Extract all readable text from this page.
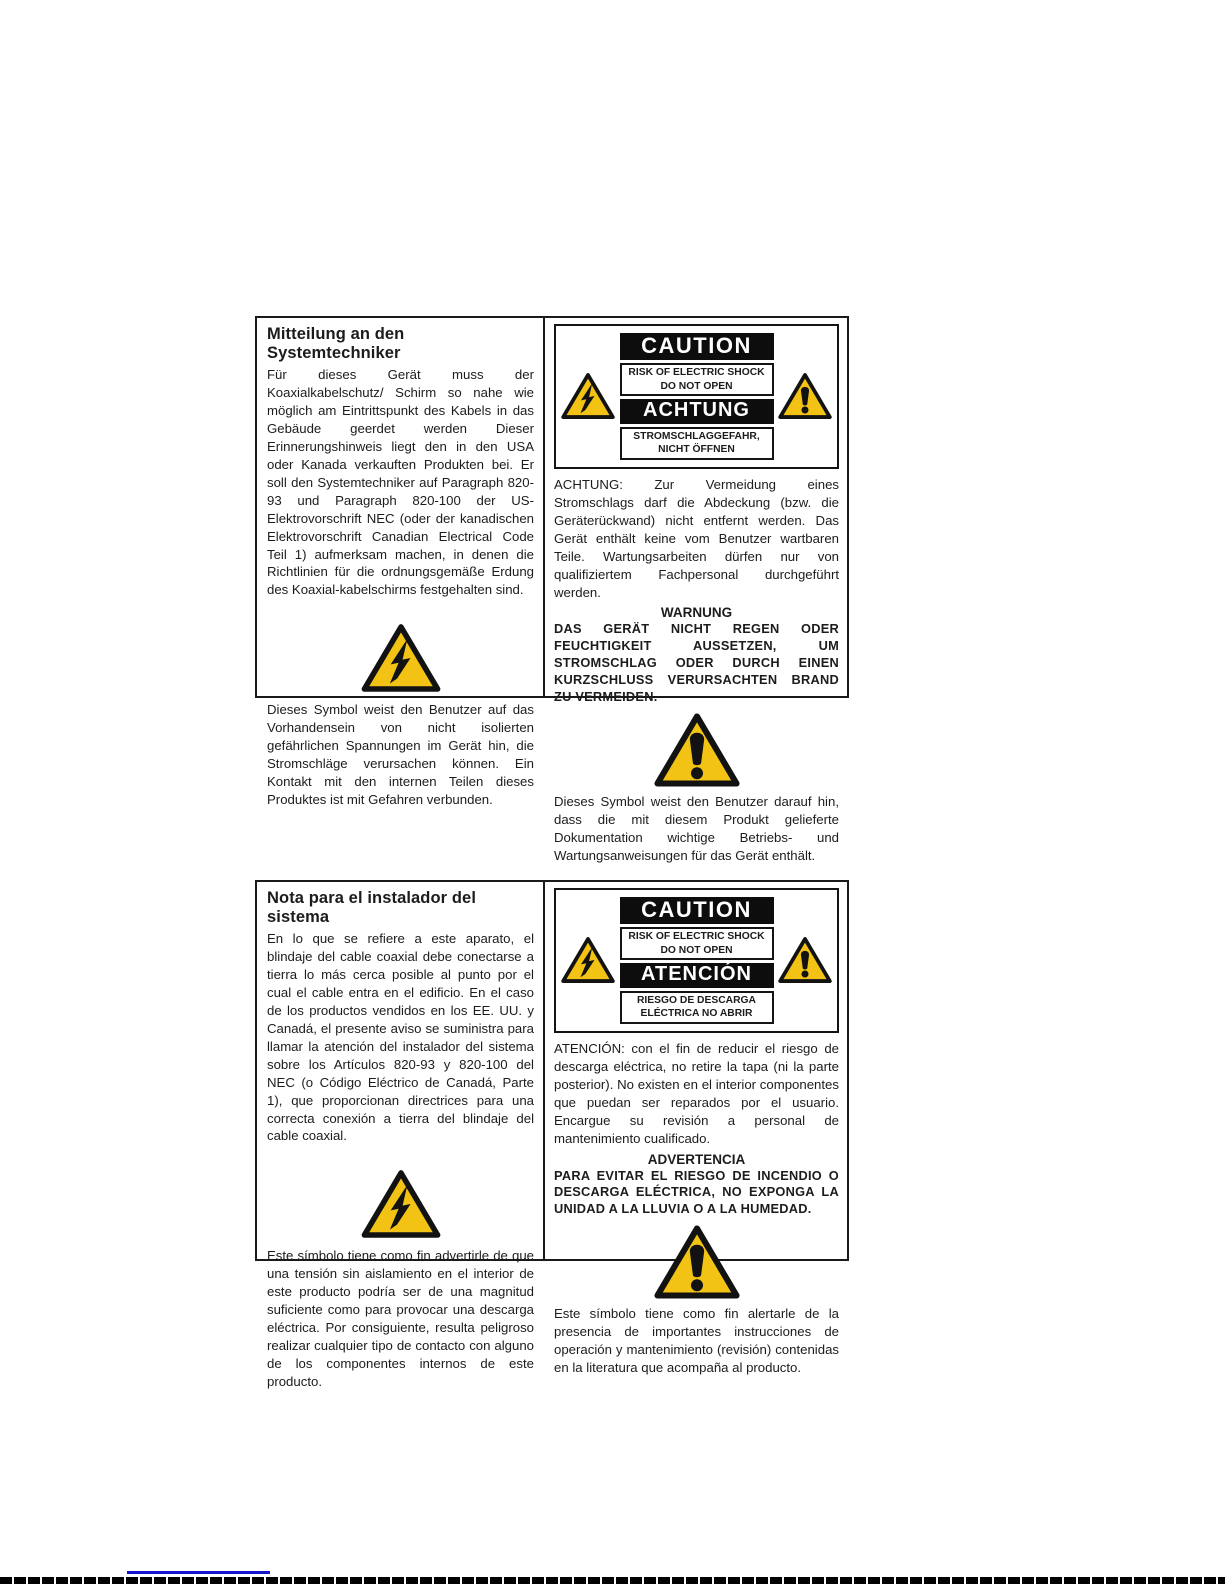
Mitteilung an den Systemtechniker

Für dieses Gerät muss der Koaxialkabelschutz/ Schirm so nahe wie möglich am Eintrittspunkt des Kabels in das Gebäude geerdet werden Dieser Erinnerungshinweis liegt den in den USA oder Kanada verkauften Produkten bei. Er soll den Systemtechniker auf Paragraph 820-93 und Paragraph 820-100 der US-Elektrovorschrift NEC (oder der kanadischen Elektrovorschrift Canadian Electrical Code Teil 1) aufmerksam machen, in denen die Richtlinien für die ordnungsgemäße Erdung des Koaxial-kabelschirms festgehalten sind.

Dieses Symbol weist den Benutzer auf das Vorhandensein von nicht isolierten gefährlichen Spannungen im Gerät hin, die Stromschläge verursachen können. Ein Kontakt mit den internen Teilen dieses Produktes ist mit Gefahren verbunden.

CAUTION
RISK OF ELECTRIC SHOCK
DO NOT OPEN
ACHTUNG
STROMSCHLAGGEFAHR,
NICHT ÖFFNEN

ACHTUNG: Zur Vermeidung eines Stromschlags darf die Abdeckung (bzw. die Geräterückwand) nicht entfernt werden. Das Gerät enthält keine vom Benutzer wartbaren Teile. Wartungsarbeiten dürfen nur von qualifiziertem Fachpersonal durchgeführt werden.

WARNUNG

DAS GERÄT NICHT REGEN ODER FEUCHTIGKEIT AUSSETZEN, UM STROMSCHLAG ODER DURCH EINEN KURZSCHLUSS VERURSACHTEN BRAND ZU VERMEIDEN.

Dieses Symbol weist den Benutzer darauf hin, dass die mit diesem Produkt gelieferte Dokumentation wichtige Betriebs- und Wartungsanweisungen für das Gerät enthält.

Nota para el instalador del sistema

En lo que se refiere a este aparato, el blindaje del cable coaxial debe conectarse a tierra lo más cerca posible al punto por el cual el cable entra en el edificio. En el caso de los productos vendidos en los EE. UU. y Canadá, el presente aviso se suministra para llamar la atención del instalador del sistema sobre los Artículos 820-93 y 820-100 del NEC (o Código Eléctrico de Canadá, Parte 1), que proporcionan directrices para una correcta conexión a tierra del blindaje del cable coaxial.

Este símbolo tiene como fin advertirle de que una tensión sin aislamiento en el interior de este producto podría ser de una magnitud suficiente como para provocar una descarga eléctrica. Por consiguiente, resulta peligroso realizar cualquier tipo de contacto con alguno de los componentes internos de este producto.

CAUTION
RISK OF ELECTRIC SHOCK
DO NOT OPEN
ATENCIÓN
RIESGO DE DESCARGA
ELÉCTRICA NO ABRIR

ATENCIÓN: con el fin de reducir el riesgo de descarga eléctrica, no retire la tapa (ni la parte posterior). No existen en el interior componentes que puedan ser reparados por el usuario. Encargue su revisión a personal de mantenimiento cualificado.

ADVERTENCIA

PARA EVITAR EL RIESGO DE INCENDIO O DESCARGA ELÉCTRICA, NO EXPONGA LA UNIDAD A LA LLUVIA O A LA HUMEDAD.

Este símbolo tiene como fin alertarle de la presencia de importantes instrucciones de operación y mantenimiento (revisión) contenidas en la literatura que acompaña al producto.
